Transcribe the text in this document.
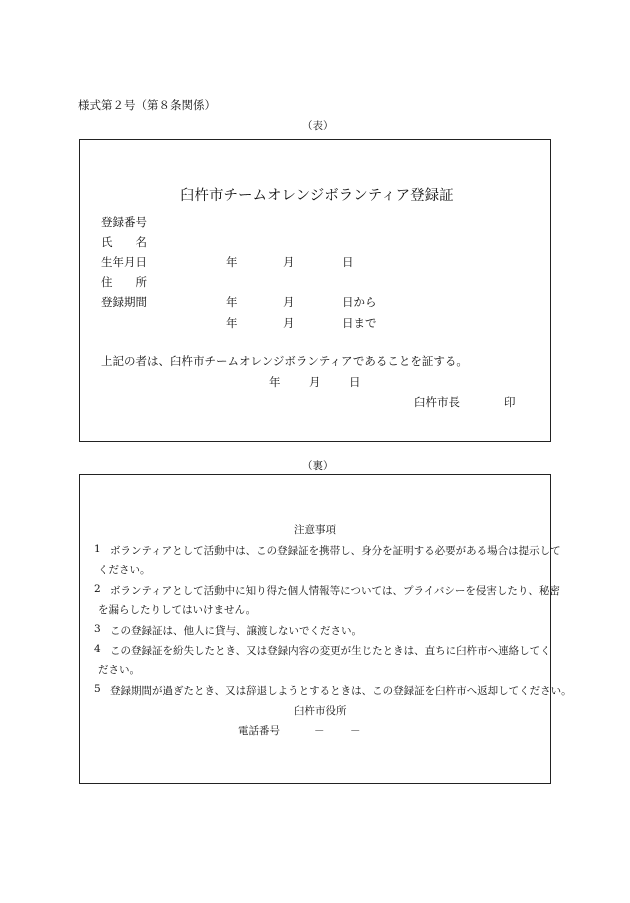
様式第２号（第８条関係）
（表）
臼杵市チームオレンジボランティア登録証
登録番号
氏　　名
生年月日	年	月	日
住　　所
登録期間	年	月	日から
年	月	日まで
上記の者は、臼杵市チームオレンジボランティアであることを証する。
年 月 日
臼杵市長	印
（裏）
注意事項
1 ボランティアとして活動中は、この登録証を携帯し、身分を証明する必要がある場合は提示して
ください。
2 ボランティアとして活動中に知り得た個人情報等については、プライバシーを侵害したり、秘密
を漏らしたりしてはいけません。
3 この登録証は、他人に貸与、譲渡しないでください。
4 この登録証を紛失したとき、又は登録内容の変更が生じたときは、直ちに臼杵市へ連絡してく
ださい。
5 登録期間が過ぎたとき、又は辞退しようとするときは、この登録証を臼杵市へ返却してください。
臼杵市役所
電話番号	－ －
